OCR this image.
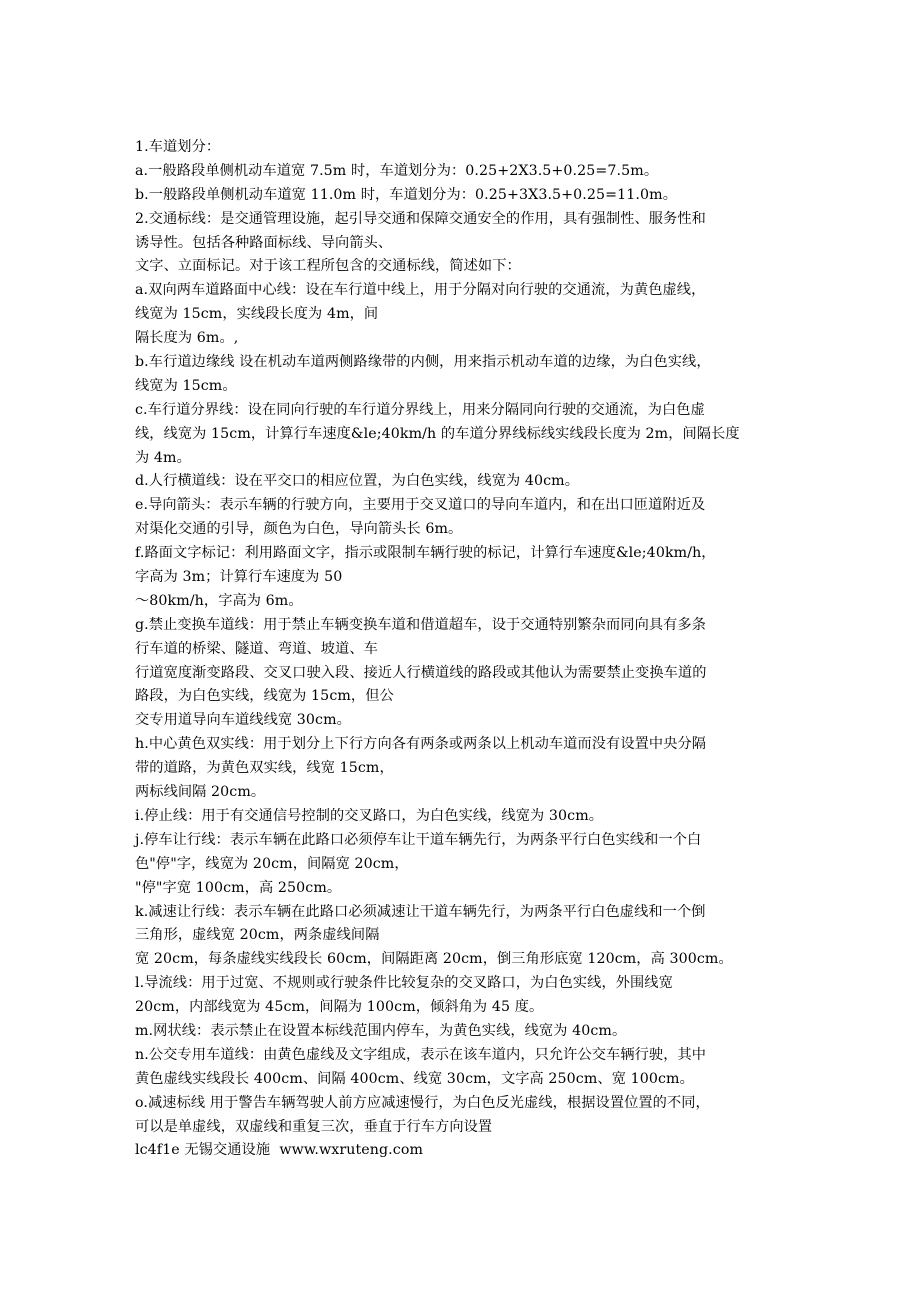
1.车道划分：
a.一般路段单侧机动车道宽 7.5m 时，车道划分为：0.25+2X3.5+0.25=7.5m。
b.一般路段单侧机动车道宽 11.0m 时，车道划分为：0.25+3X3.5+0.25=11.0m。
2.交通标线：是交通管理设施，起引导交通和保障交通安全的作用，具有强制性、服务性和
诱导性。包括各种路面标线、导向箭头、
文字、立面标记。对于该工程所包含的交通标线，简述如下：
a.双向两车道路面中心线：设在车行道中线上，用于分隔对向行驶的交通流，为黄色虚线，
线宽为 15cm，实线段长度为 4m，间
隔长度为 6m。,
b.车行道边缘线 设在机动车道两侧路缘带的内侧，用来指示机动车道的边缘，为白色实线，
线宽为 15cm。
c.车行道分界线：设在同向行驶的车行道分界线上，用来分隔同向行驶的交通流，为白色虚
线，线宽为 15cm，计算行车速度&le;40km/h 的车道分界线标线实线段长度为 2m，间隔长度
为 4m。
d.人行横道线：设在平交口的相应位置，为白色实线，线宽为 40cm。
e.导向箭头：表示车辆的行驶方向，主要用于交叉道口的导向车道内，和在出口匝道附近及
对渠化交通的引导，颜色为白色，导向箭头长 6m。
f.路面文字标记：利用路面文字，指示或限制车辆行驶的标记，计算行车速度&le;40km/h，
字高为 3m；计算行车速度为 50
～80km/h，字高为 6m。
g.禁止变换车道线：用于禁止车辆变换车道和借道超车，设于交通特别繁杂而同向具有多条
行车道的桥梁、隧道、弯道、坡道、车
行道宽度渐变路段、交叉口驶入段、接近人行横道线的路段或其他认为需要禁止变换车道的
路段，为白色实线，线宽为 15cm，但公
交专用道导向车道线线宽 30cm。
h.中心黄色双实线：用于划分上下行方向各有两条或两条以上机动车道而没有设置中央分隔
带的道路，为黄色双实线，线宽 15cm，
两标线间隔 20cm。
i.停止线：用于有交通信号控制的交叉路口，为白色实线，线宽为 30cm。
j.停车让行线：表示车辆在此路口必须停车让干道车辆先行，为两条平行白色实线和一个白
色"停"字，线宽为 20cm，间隔宽 20cm，
"停"字宽 100cm，高 250cm。
k.减速让行线：表示车辆在此路口必须减速让干道车辆先行，为两条平行白色虚线和一个倒
三角形，虚线宽 20cm，两条虚线间隔
宽 20cm，每条虚线实线段长 60cm，间隔距离 20cm，倒三角形底宽 120cm，高 300cm。
l.导流线：用于过宽、不规则或行驶条件比较复杂的交叉路口，为白色实线，外围线宽
20cm，内部线宽为 45cm，间隔为 100cm，倾斜角为 45 度。
m.网状线：表示禁止在设置本标线范围内停车，为黄色实线，线宽为 40cm。
n.公交专用车道线：由黄色虚线及文字组成，表示在该车道内，只允许公交车辆行驶，其中
黄色虚线实线段长 400cm、间隔 400cm、线宽 30cm，文字高 250cm、宽 100cm。
o.减速标线 用于警告车辆驾驶人前方应减速慢行，为白色反光虚线，根据设置位置的不同，
可以是单虚线，双虚线和重复三次，垂直于行车方向设置
lc4f1e 无锡交通设施  www.wxruteng.com
